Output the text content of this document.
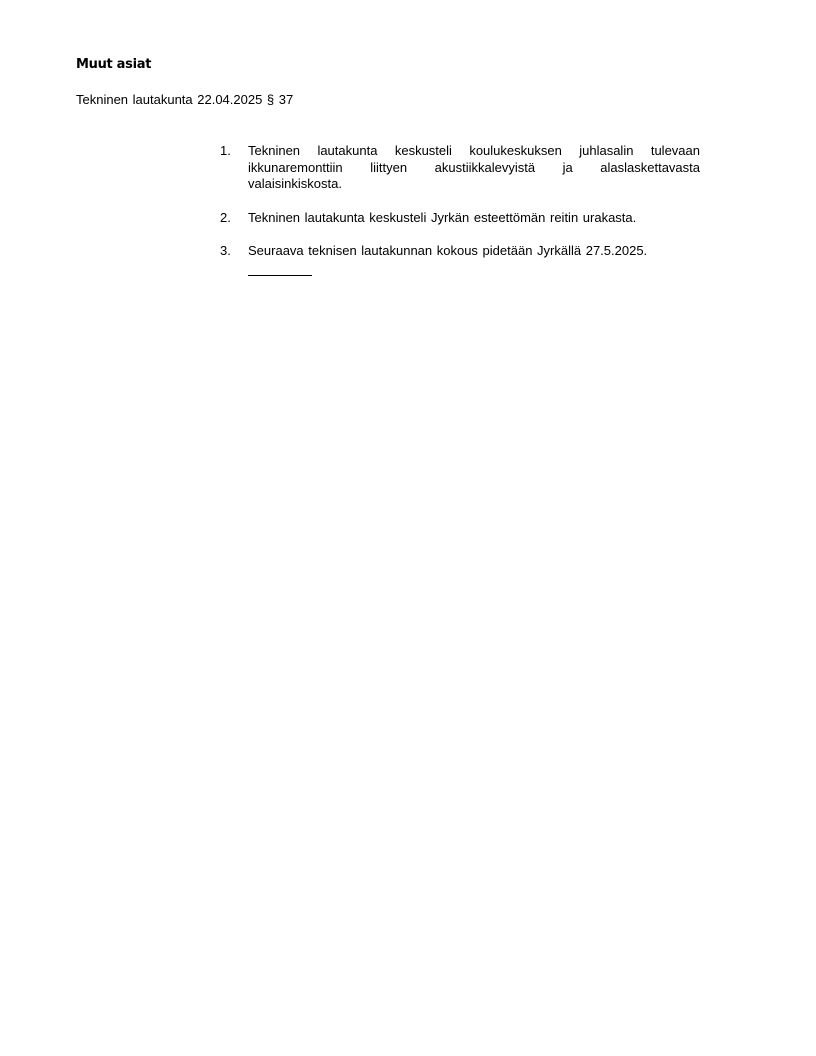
Muut asiat
Tekninen lautakunta 22.04.2025 § 37
1.	Tekninen lautakunta keskusteli koulukeskuksen juhlasalin tulevaan ikkunaremonttiin liittyen akustiikkalevyistä ja alaslaskettavasta valaisinkiskosta.
2.	Tekninen lautakunta keskusteli Jyrkän esteettömän reitin urakasta.
3.	Seuraava teknisen lautakunnan kokous pidetään Jyrkällä 27.5.2025.
